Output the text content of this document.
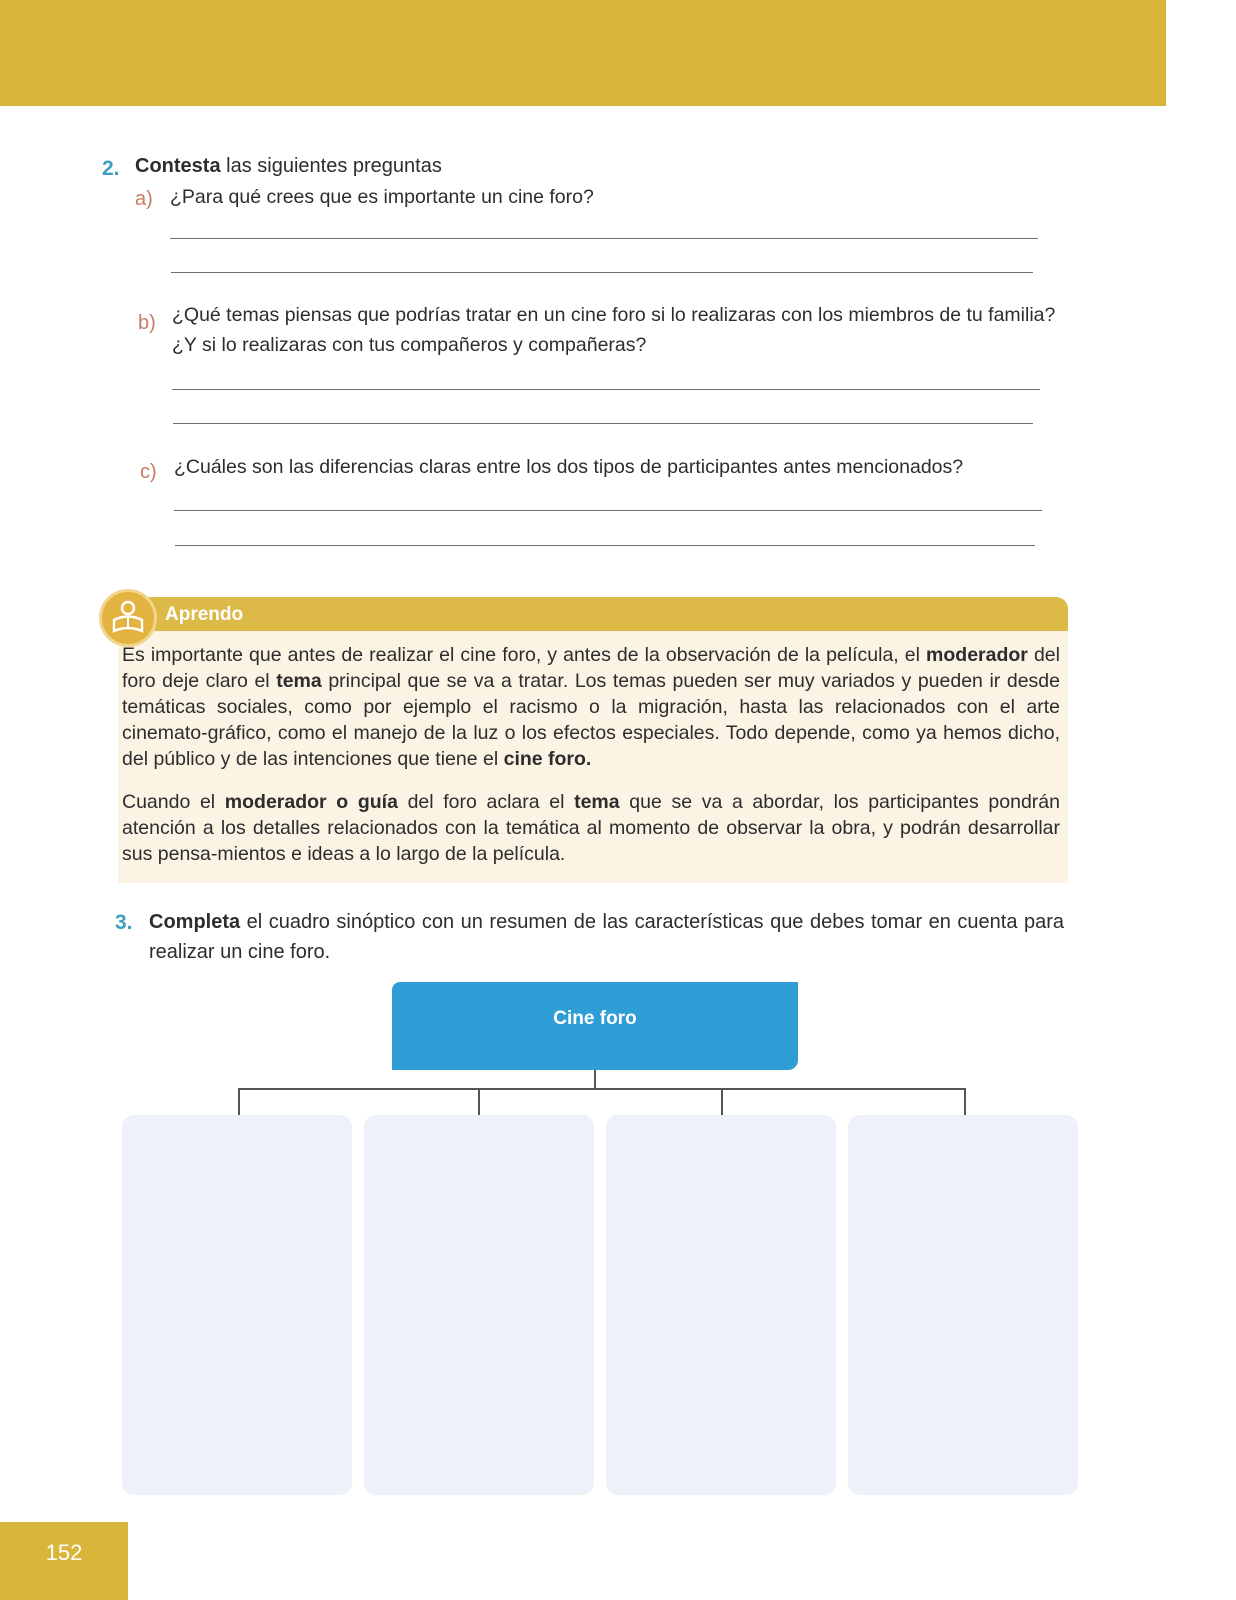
2. Contesta las siguientes preguntas
a) ¿Para qué crees que es importante un cine foro?
b) ¿Qué temas piensas que podrías tratar en un cine foro si lo realizaras con los miembros de tu familia?
¿Y si lo realizaras con tus compañeros y compañeras?
c) ¿Cuáles son las diferencias claras entre los dos tipos de participantes antes mencionados?
Aprendo

Es importante que antes de realizar el cine foro, y antes de la observación de la película, el moderador del foro deje claro el tema principal que se va a tratar. Los temas pueden ser muy variados y pueden ir desde temáticas sociales, como por ejemplo el racismo o la migración, hasta las relacionados con el arte cinemato-gráfico, como el manejo de la luz o los efectos especiales. Todo depende, como ya hemos dicho, del público y de las intenciones que tiene el cine foro.

Cuando el moderador o guía del foro aclara el tema que se va a abordar, los participantes pondrán atención a los detalles relacionados con la temática al momento de observar la obra, y podrán desarrollar sus pensa-mientos e ideas a lo largo de la película.

3. Completa el cuadro sinóptico con un resumen de las características que debes tomar en cuenta para realizar un cine foro.
Cine foro
152
